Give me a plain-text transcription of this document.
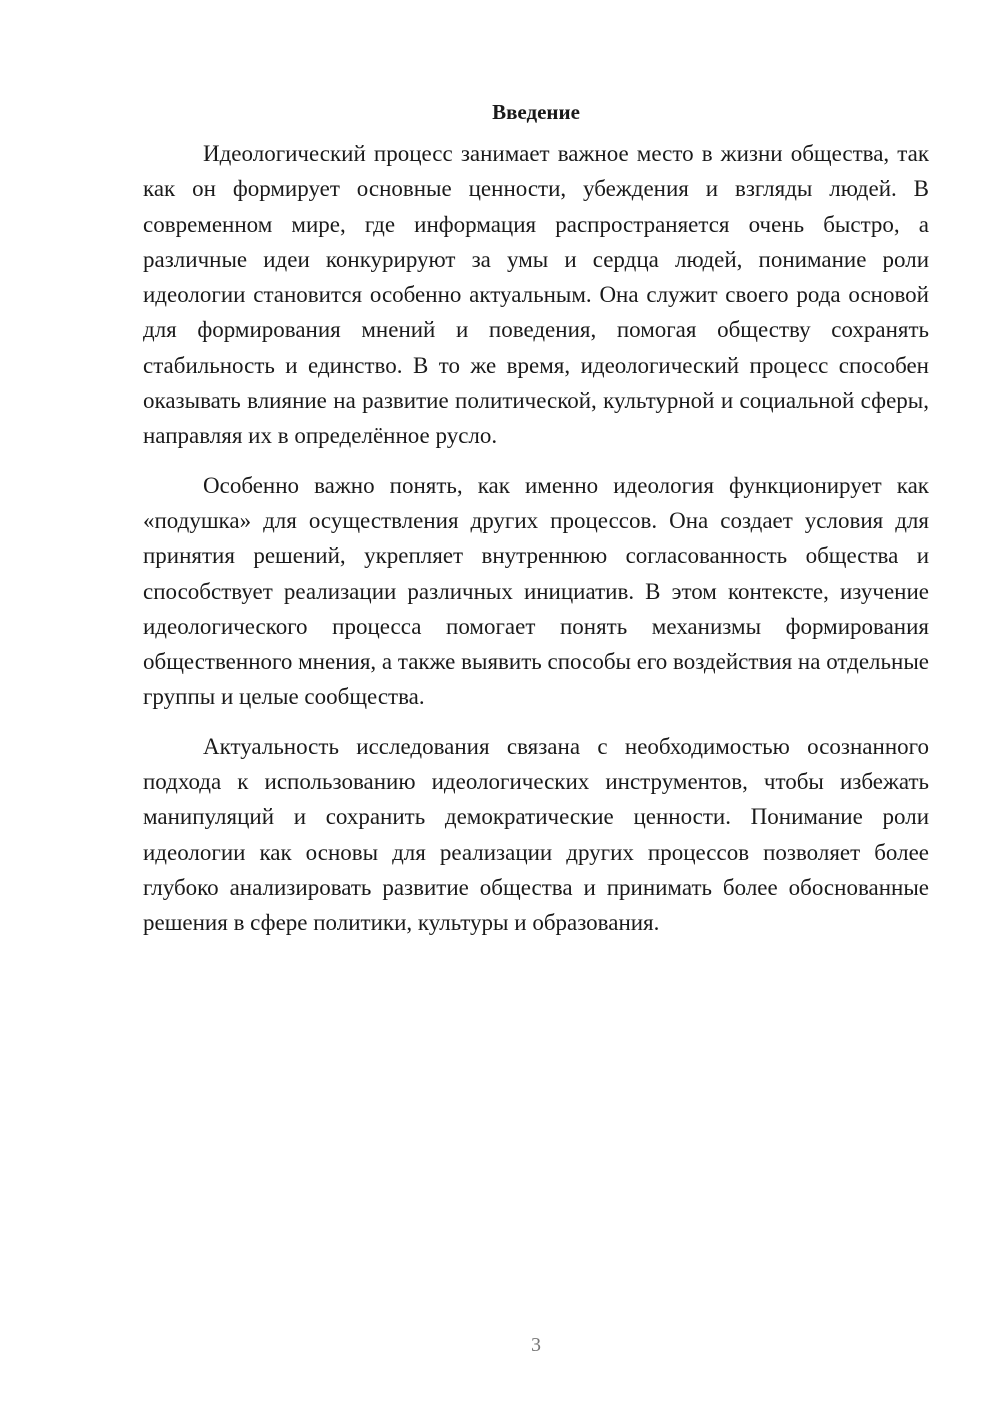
Введение

Идеологический процесс занимает важное место в жизни общества, так как он формирует основные ценности, убеждения и взгляды людей. В современном мире, где информация распространяется очень быстро, а различные идеи конкурируют за умы и сердца людей, понимание роли идеологии становится особенно актуальным. Она служит своего рода основой для формирования мнений и поведения, помогая обществу сохранять стабильность и единство. В то же время, идеологический процесс способен оказывать влияние на развитие политической, культурной и социальной сферы, направляя их в определённое русло.

Особенно важно понять, как именно идеология функционирует как «подушка» для осуществления других процессов. Она создает условия для принятия решений, укрепляет внутреннюю согласованность общества и способствует реализации различных инициатив. В этом контексте, изучение идеологического процесса помогает понять механизмы формирования общественного мнения, а также выявить способы его воздействия на отдельные группы и целые сообщества.

Актуальность исследования связана с необходимостью осознанного подхода к использованию идеологических инструментов, чтобы избежать манипуляций и сохранить демократические ценности. Понимание роли идеологии как основы для реализации других процессов позволяет более глубоко анализировать развитие общества и принимать более обоснованные решения в сфере политики, культуры и образования.

3
